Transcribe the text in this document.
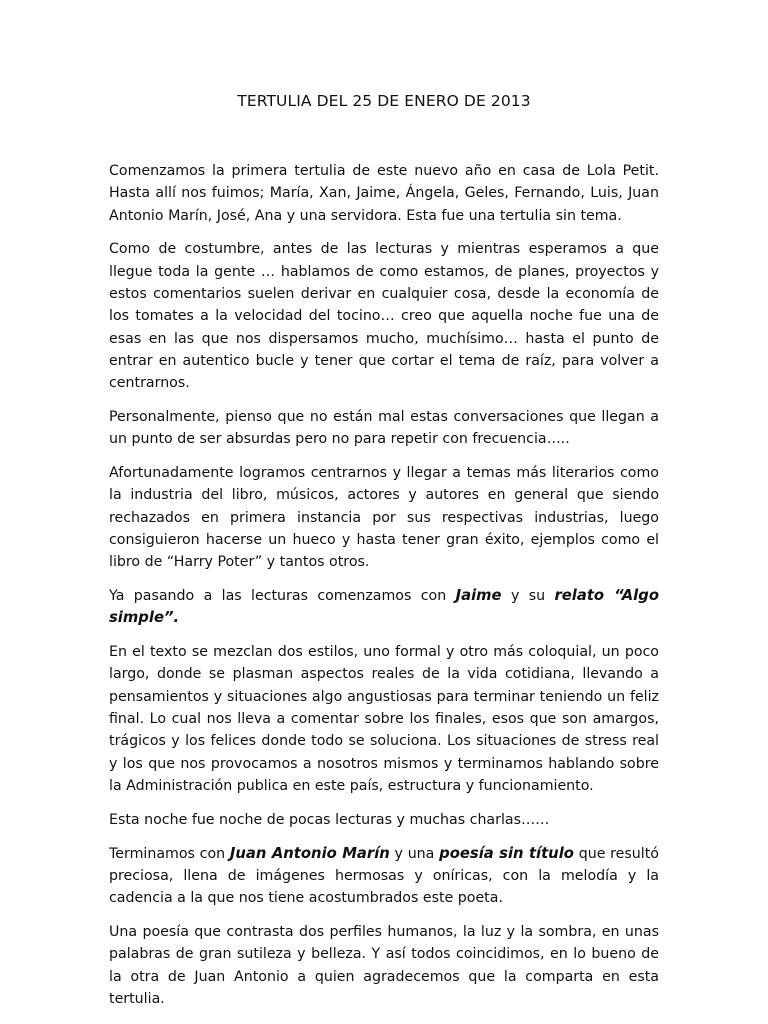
TERTULIA DEL 25 DE ENERO DE 2013

Comenzamos la primera tertulia de este nuevo año en casa de Lola Petit. Hasta allí nos fuimos; María, Xan, Jaime, Ángela, Geles, Fernando, Luis, Juan Antonio Marín, José, Ana y una servidora. Esta fue una tertulia sin tema.

Como de costumbre, antes de las lecturas y mientras esperamos a que llegue toda la gente … hablamos de como estamos, de planes, proyectos y estos comentarios suelen derivar en cualquier cosa, desde la economía de los tomates a la velocidad del tocino… creo que aquella noche fue una de esas en las que nos dispersamos mucho, muchísimo… hasta el punto de entrar en autentico bucle y tener que cortar el tema de raíz, para volver a centrarnos.

Personalmente, pienso que no están mal estas conversaciones que llegan a un punto de ser absurdas pero no para repetir con frecuencia…..

Afortunadamente logramos centrarnos y llegar a temas más literarios como la industria del libro, músicos, actores y autores en general que siendo rechazados en primera instancia por sus respectivas industrias, luego consiguieron hacerse un hueco y hasta tener gran éxito, ejemplos como el libro de “Harry Poter” y tantos otros.

Ya pasando a las lecturas comenzamos con Jaime y su relato “Algo simple”.

En el texto se mezclan dos estilos, uno formal y otro más coloquial, un poco largo, donde se plasman aspectos reales de la vida cotidiana, llevando a pensamientos y situaciones algo angustiosas para terminar teniendo un feliz final. Lo cual nos lleva a comentar sobre los finales, esos que son amargos, trágicos y los felices donde todo se soluciona. Los situaciones de stress real y los que nos provocamos a nosotros mismos y terminamos hablando sobre la Administración publica en este país, estructura y funcionamiento.

Esta noche fue noche de pocas lecturas y muchas charlas……

Terminamos con Juan Antonio Marín y una poesía sin título que resultó preciosa, llena de imágenes hermosas y oníricas, con la melodía y la cadencia a la que nos tiene acostumbrados este poeta.

Una poesía que contrasta dos perfiles humanos, la luz y la sombra, en unas palabras de gran sutileza y belleza. Y así todos coincidimos, en lo bueno de la otra de Juan Antonio a quien agradecemos que la comparta en esta tertulia.
